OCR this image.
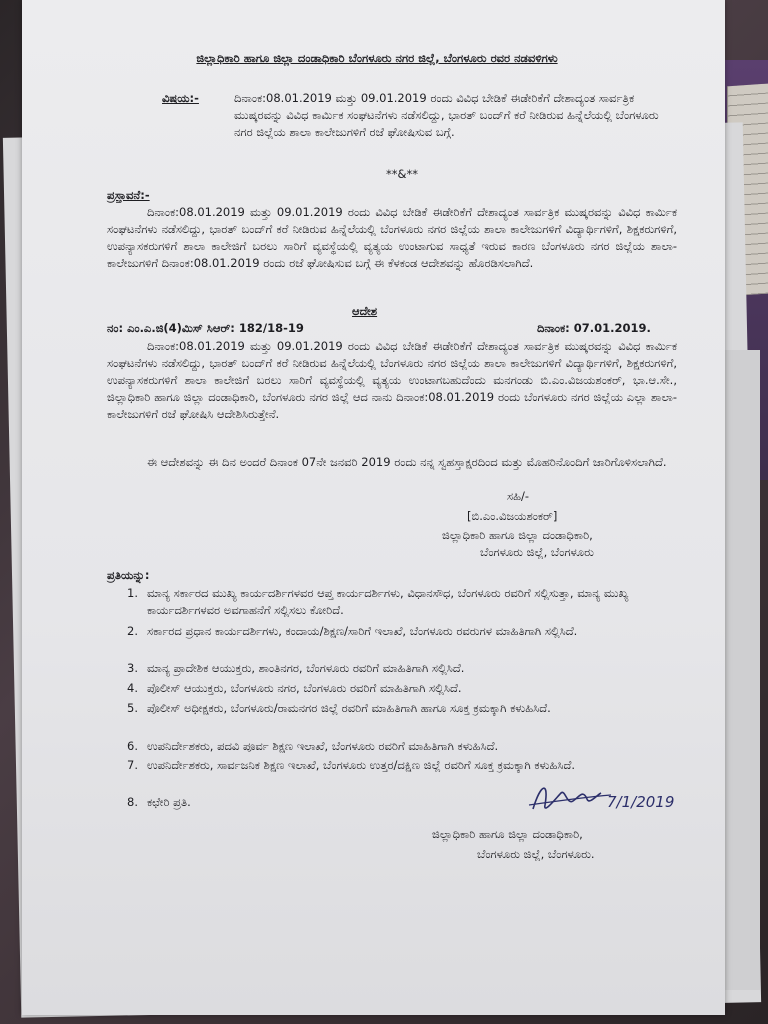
ಜಿಲ್ಲಾಧಿಕಾರಿ ಹಾಗೂ ಜಿಲ್ಲಾ ದಂಡಾಧಿಕಾರಿ ಬೆಂಗಳೂರು ನಗರ ಜಿಲ್ಲೆ, ಬೆಂಗಳೂರು ರವರ ನಡವಳಿಗಳು
ವಿಷಯ:-	ದಿನಾಂಕ:08.01.2019 ಮತ್ತು 09.01.2019 ರಂದು ವಿವಿಧ ಬೇಡಿಕೆ ಈಡೇರಿಕೆಗೆ ದೇಶಾದ್ಯಂತ ಸಾರ್ವತ್ರಿಕ ಮುಷ್ಕರವನ್ನು ವಿವಿಧ ಕಾರ್ಮಿಕ ಸಂಘಟನೆಗಳು ನಡೆಸಲಿದ್ದು, ಭಾರತ್ ಬಂದ್‌ಗೆ ಕರೆ ನೀಡಿರುವ ಹಿನ್ನೆಲೆಯಲ್ಲಿ ಬೆಂಗಳೂರು ನಗರ ಜಿಲ್ಲೆಯ ಶಾಲಾ ಕಾಲೇಜುಗಳಿಗೆ ರಜೆ ಘೋಷಿಸುವ ಬಗ್ಗೆ.
**&**
ಪ್ರಸ್ತಾವನೆ:-
ದಿನಾಂಕ:08.01.2019 ಮತ್ತು 09.01.2019 ರಂದು ವಿವಿಧ ಬೇಡಿಕೆ ಈಡೇರಿಕೆಗೆ ದೇಶಾದ್ಯಂತ ಸಾರ್ವತ್ರಿಕ ಮುಷ್ಕರವನ್ನು ವಿವಿಧ ಕಾರ್ಮಿಕ ಸಂಘಟನೆಗಳು ನಡೆಸಲಿದ್ದು, ಭಾರತ್ ಬಂದ್‌ಗೆ ಕರೆ ನೀಡಿರುವ ಹಿನ್ನೆಲೆಯಲ್ಲಿ ಬೆಂಗಳೂರು ನಗರ ಜಿಲ್ಲೆಯ ಶಾಲಾ ಕಾಲೇಜುಗಳಿಗೆ ವಿದ್ಯಾರ್ಥಿಗಳಿಗೆ, ಶಿಕ್ಷಕರುಗಳಿಗೆ, ಉಪನ್ಯಾಸಕರುಗಳಿಗೆ ಶಾಲಾ ಕಾಲೇಜಿಗೆ ಬರಲು ಸಾರಿಗೆ ವ್ಯವಸ್ಥೆಯಲ್ಲಿ ವ್ಯತ್ಯಯ ಉಂಟಾಗುವ ಸಾಧ್ಯತೆ ಇರುವ ಕಾರಣ ಬೆಂಗಳೂರು ನಗರ ಜಿಲ್ಲೆಯ ಶಾಲಾ-ಕಾಲೇಜುಗಳಿಗೆ ದಿನಾಂಕ:08.01.2019 ರಂದು ರಜೆ ಘೋಷಿಸುವ ಬಗ್ಗೆ ಈ ಕೆಳಕಂಡ ಆದೇಶವನ್ನು ಹೊರಡಿಸಲಾಗಿದೆ.
ಆದೇಶ
ನಂ: ಎಂ.ಎ.ಜಿ(4)ಮಿಸ್ ಸಿಆರ್: 182/18-19	ದಿನಾಂಕ: 07.01.2019.
ದಿನಾಂಕ:08.01.2019 ಮತ್ತು 09.01.2019 ರಂದು ವಿವಿಧ ಬೇಡಿಕೆ ಈಡೇರಿಕೆಗೆ ದೇಶಾದ್ಯಂತ ಸಾರ್ವತ್ರಿಕ ಮುಷ್ಕರವನ್ನು ವಿವಿಧ ಕಾರ್ಮಿಕ ಸಂಘಟನೆಗಳು ನಡೆಸಲಿದ್ದು, ಭಾರತ್ ಬಂದ್‌ಗೆ ಕರೆ ನೀಡಿರುವ ಹಿನ್ನೆಲೆಯಲ್ಲಿ ಬೆಂಗಳೂರು ನಗರ ಜಿಲ್ಲೆಯ ಶಾಲಾ ಕಾಲೇಜುಗಳಿಗೆ ವಿದ್ಯಾರ್ಥಿಗಳಿಗೆ, ಶಿಕ್ಷಕರುಗಳಿಗೆ, ಉಪನ್ಯಾಸಕರುಗಳಿಗೆ ಶಾಲಾ ಕಾಲೇಜಿಗೆ ಬರಲು ಸಾರಿಗೆ ವ್ಯವಸ್ಥೆಯಲ್ಲಿ ವ್ಯತ್ಯಯ ಉಂಟಾಗಬಹುದೆಂದು ಮನಗಂಡು ಬಿ.ಎಂ.ವಿಜಯಶಂಕರ್, ಭಾ.ಆ.ಸೇ., ಜಿಲ್ಲಾಧಿಕಾರಿ ಹಾಗೂ ಜಿಲ್ಲಾ ದಂಡಾಧಿಕಾರಿ, ಬೆಂಗಳೂರು ನಗರ ಜಿಲ್ಲೆ ಆದ ನಾನು ದಿನಾಂಕ:08.01.2019 ರಂದು ಬೆಂಗಳೂರು ನಗರ ಜಿಲ್ಲೆಯ ಎಲ್ಲಾ ಶಾಲಾ-ಕಾಲೇಜುಗಳಿಗೆ ರಜೆ ಘೋಷಿಸಿ ಆದೇಶಿಸಿರುತ್ತೇನೆ.
ಈ ಆದೇಶವನ್ನು ಈ ದಿನ ಅಂದರೆ ದಿನಾಂಕ 07ನೇ ಜನವರಿ 2019 ರಂದು ನನ್ನ ಸ್ವಹಸ್ತಾಕ್ಷರದಿಂದ ಮತ್ತು ಮೊಹರಿನೊಂದಿಗೆ ಜಾರಿಗೊಳಿಸಲಾಗಿದೆ.
ಸಹಿ/-
[ಬಿ.ಎಂ.ವಿಜಯಶಂಕರ್]
ಜಿಲ್ಲಾಧಿಕಾರಿ ಹಾಗೂ ಜಿಲ್ಲಾ ದಂಡಾಧಿಕಾರಿ,
ಬೆಂಗಳೂರು ಜಿಲ್ಲೆ, ಬೆಂಗಳೂರು
ಪ್ರತಿಯನ್ನು:
1. ಮಾನ್ಯ ಸರ್ಕಾರದ ಮುಖ್ಯ ಕಾರ್ಯದರ್ಶಿಗಳವರ ಆಪ್ತ ಕಾರ್ಯದರ್ಶಿಗಳು, ವಿಧಾನಸೌಧ, ಬೆಂಗಳೂರು ರವರಿಗೆ ಸಲ್ಲಿಸುತ್ತಾ, ಮಾನ್ಯ ಮುಖ್ಯ ಕಾರ್ಯದರ್ಶಿಗಳವರ ಅವಗಾಹನೆಗೆ ಸಲ್ಲಿಸಲು ಕೋರಿದೆ.
2. ಸರ್ಕಾರದ ಪ್ರಧಾನ ಕಾರ್ಯದರ್ಶಿಗಳು, ಕಂದಾಯ/ಶಿಕ್ಷಣ/ಸಾರಿಗೆ ಇಲಾಖೆ, ಬೆಂಗಳೂರು ರವರುಗಳ ಮಾಹಿತಿಗಾಗಿ ಸಲ್ಲಿಸಿದೆ.
3. ಮಾನ್ಯ ಪ್ರಾದೇಶಿಕ ಆಯುಕ್ತರು, ಶಾಂತಿನಗರ, ಬೆಂಗಳೂರು ರವರಿಗೆ ಮಾಹಿತಿಗಾಗಿ ಸಲ್ಲಿಸಿದೆ.
4. ಪೊಲೀಸ್ ಆಯುಕ್ತರು, ಬೆಂಗಳೂರು ನಗರ, ಬೆಂಗಳೂರು ರವರಿಗೆ ಮಾಹಿತಿಗಾಗಿ ಸಲ್ಲಿಸಿದೆ.
5. ಪೊಲೀಸ್ ಅಧೀಕ್ಷಕರು, ಬೆಂಗಳೂರು/ರಾಮನಗರ ಜಿಲ್ಲೆ ರವರಿಗೆ ಮಾಹಿತಿಗಾಗಿ ಹಾಗೂ ಸೂಕ್ತ ಕ್ರಮಕ್ಕಾಗಿ ಕಳುಹಿಸಿದೆ.
6. ಉಪನಿರ್ದೇಶಕರು, ಪದವಿ ಪೂರ್ವ ಶಿಕ್ಷಣ ಇಲಾಖೆ, ಬೆಂಗಳೂರು ರವರಿಗೆ ಮಾಹಿತಿಗಾಗಿ ಕಳುಹಿಸಿದೆ.
7. ಉಪನಿರ್ದೇಶಕರು, ಸಾರ್ವಜನಿಕ ಶಿಕ್ಷಣ ಇಲಾಖೆ, ಬೆಂಗಳೂರು ಉತ್ತರ/ದಕ್ಷಿಣ ಜಿಲ್ಲೆ ರವರಿಗೆ ಸೂಕ್ತ ಕ್ರಮಕ್ಕಾಗಿ ಕಳುಹಿಸಿದೆ.
8. ಕಛೇರಿ ಪ್ರತಿ.	7/1/2019
ಜಿಲ್ಲಾಧಿಕಾರಿ ಹಾಗೂ ಜಿಲ್ಲಾ ದಂಡಾಧಿಕಾರಿ,
ಬೆಂಗಳೂರು ಜಿಲ್ಲೆ, ಬೆಂಗಳೂರು.
